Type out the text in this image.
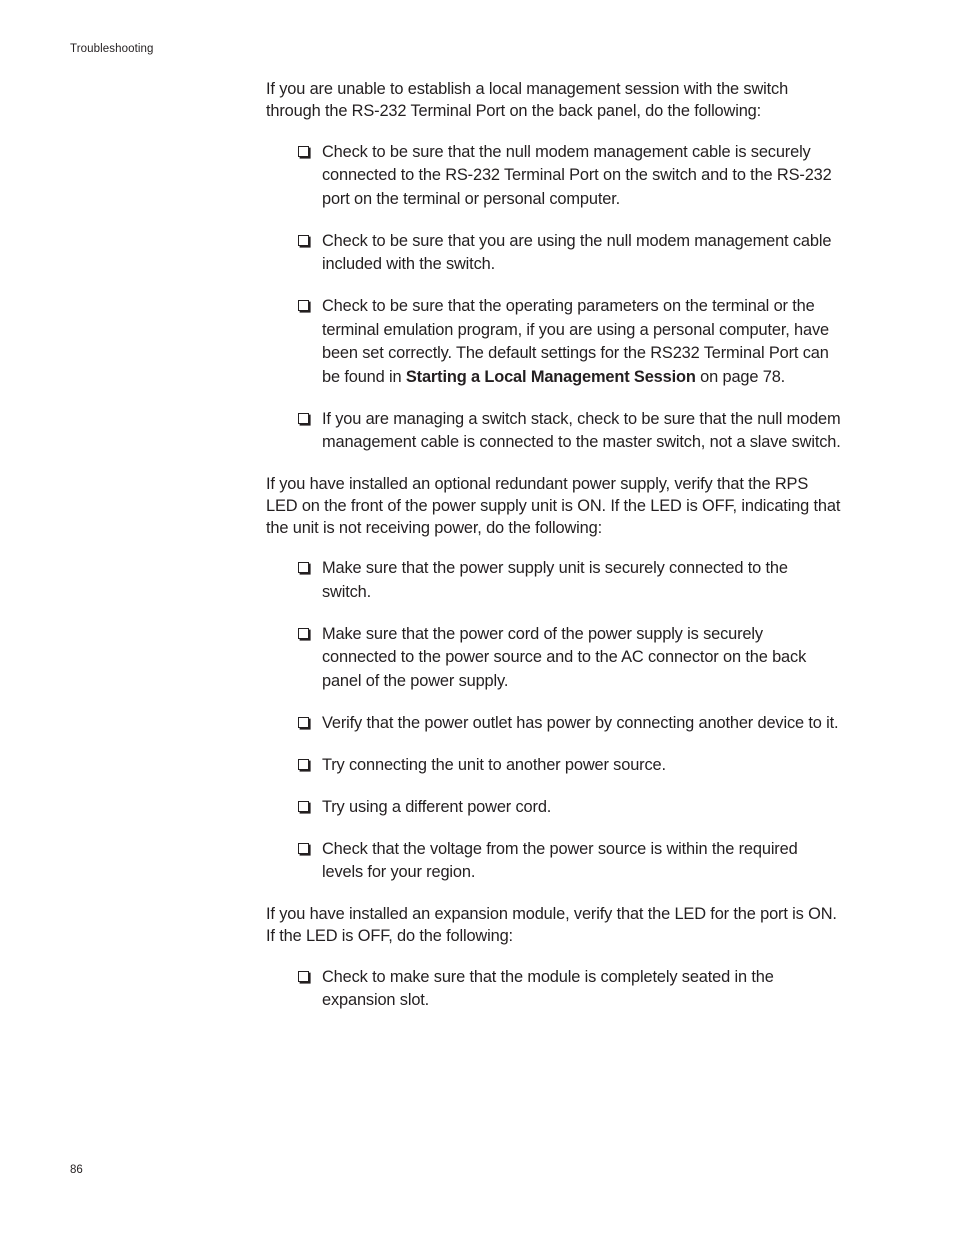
Troubleshooting

If you are unable to establish a local management session with the switch through the RS-232 Terminal Port on the back panel, do the following:

Check to be sure that the null modem management cable is securely connected to the RS-232 Terminal Port on the switch and to the RS-232 port on the terminal or personal computer.
Check to be sure that you are using the null modem management cable included with the switch.
Check to be sure that the operating parameters on the terminal or the terminal emulation program, if you are using a personal computer, have been set correctly. The default settings for the RS232 Terminal Port can be found in Starting a Local Management Session on page 78.
If you are managing a switch stack, check to be sure that the null modem management cable is connected to the master switch, not a slave switch.

If you have installed an optional redundant power supply, verify that the RPS LED on the front of the power supply unit is ON. If the LED is OFF, indicating that the unit is not receiving power, do the following:

Make sure that the power supply unit is securely connected to the switch.
Make sure that the power cord of the power supply is securely connected to the power source and to the AC connector on the back panel of the power supply.
Verify that the power outlet has power by connecting another device to it.
Try connecting the unit to another power source.
Try using a different power cord.
Check that the voltage from the power source is within the required levels for your region.

If you have installed an expansion module, verify that the LED for the port is ON. If the LED is OFF, do the following:

Check to make sure that the module is completely seated in the expansion slot.
86
